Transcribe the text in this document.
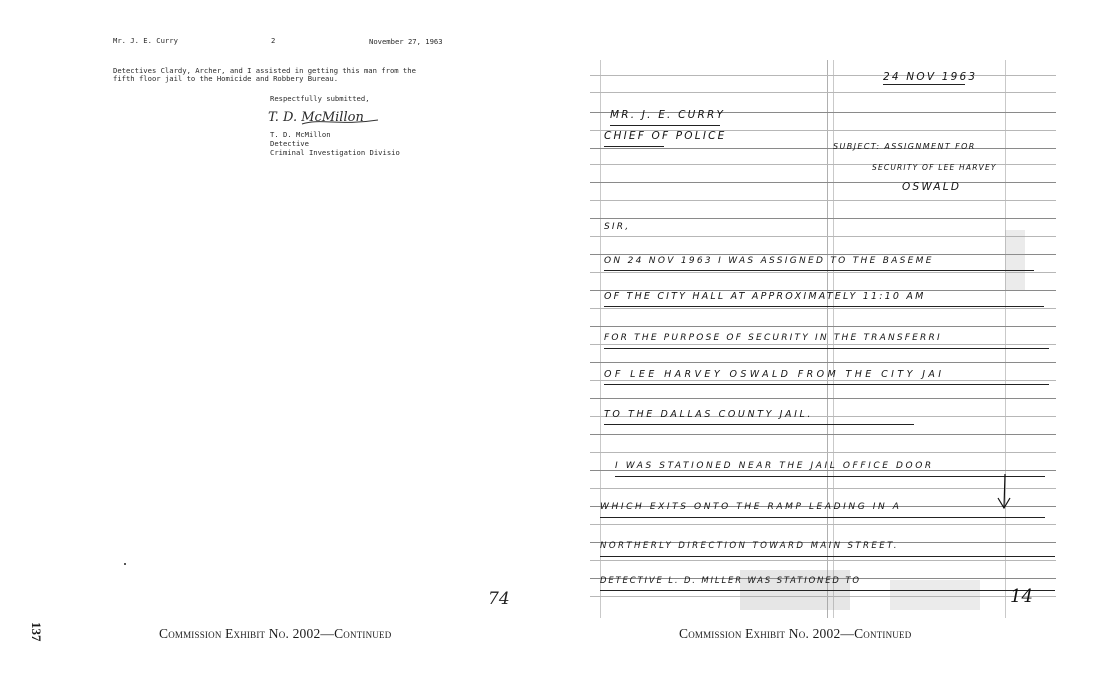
Mr. J. E. Curry	2	November 27, 1963
Detectives Clardy, Archer, and I assisted in getting this man from the
fifth floor jail to the Homicide and Robbery Bureau.
Respectfully submitted,
T. D. McMillon
T. D. McMillon
Detective
Criminal Investigation Divisio
74
Commission Exhibit No. 2002—Continued
137
24 NOV 1963
MR. J. E. CURRY
CHIEF OF POLICE
SUBJECT: ASSIGNMENT FOR
SECURITY OF LEE HARVEY
OSWALD
SIR,
ON 24 NOV 1963 I WAS ASSIGNED TO THE BASEME
OF THE CITY HALL AT APPROXIMATELY 11:10 AM
FOR THE PURPOSE OF SECURITY IN THE TRANSFERRI
OF LEE HARVEY OSWALD FROM THE CITY JAI
TO THE DALLAS COUNTY JAIL.
I WAS STATIONED NEAR THE JAIL OFFICE DOOR
WHICH EXITS ONTO THE RAMP LEADING IN A
NORTHERLY DIRECTION TOWARD MAIN STREET.
DETECTIVE L. D. MILLER WAS STATIONED TO
14
Commission Exhibit No. 2002—Continued
